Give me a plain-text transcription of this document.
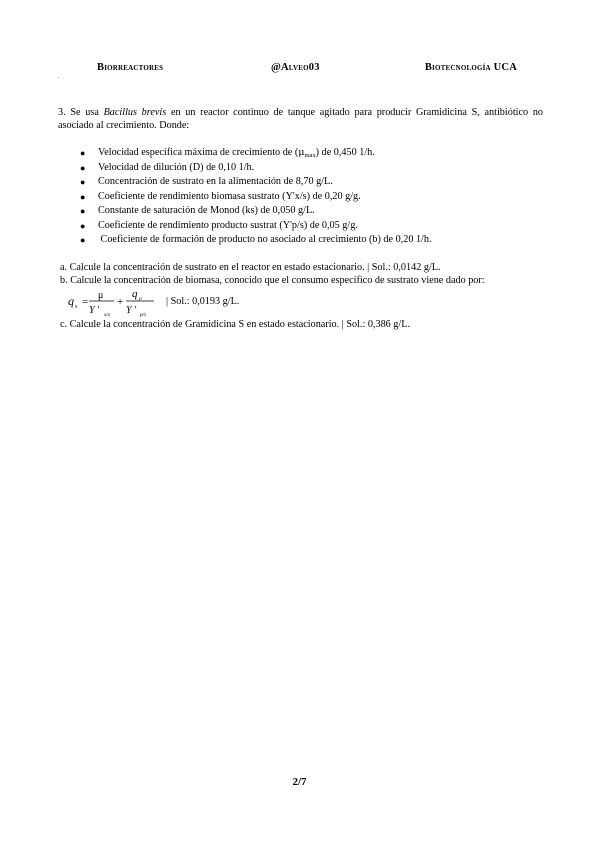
Biorreactores	@Alveo03	Biotecnología UCA
.
3. Se usa Bacillus brevis en un reactor continuo de tanque agitado para producir Gramidicina S, antibiótico no asociado al crecimiento. Donde:
● Velocidad específica máxima de crecimiento de $(\mu_{max})$ de 0,450 1/h.
● Velocidad de dilución (D) de 0,10 1/h.
● Concentración de sustrato en la alimentación de 8,70 g/L.
● Coeficiente de rendimiento biomasa sustrato (Y'x/s) de 0,20 g/g.
● Constante de saturación de Monod (ks) de 0,050 g/L.
● Coeficiente de rendimiento producto sustrat (Y'p/s) de 0,05 g/g.
● Coeficiente de formación de producto no asociado al crecimiento (b) de 0,20 1/h.
a. Calcule la concentración de sustrato en el reactor en estado estacionario. | Sol.: 0,0142 g/L.
b. Calcule la concentración de biomasa, conocido que el consumo específico de sustrato viene dado por:
q s =
μ
Y ' x/s
+
q p
Y ' p/s
| Sol.: 0,0193 g/L.
c. Calcule la concentración de Gramidicina S en estado estacionario. | Sol.: 0,386 g/L.
2/7
